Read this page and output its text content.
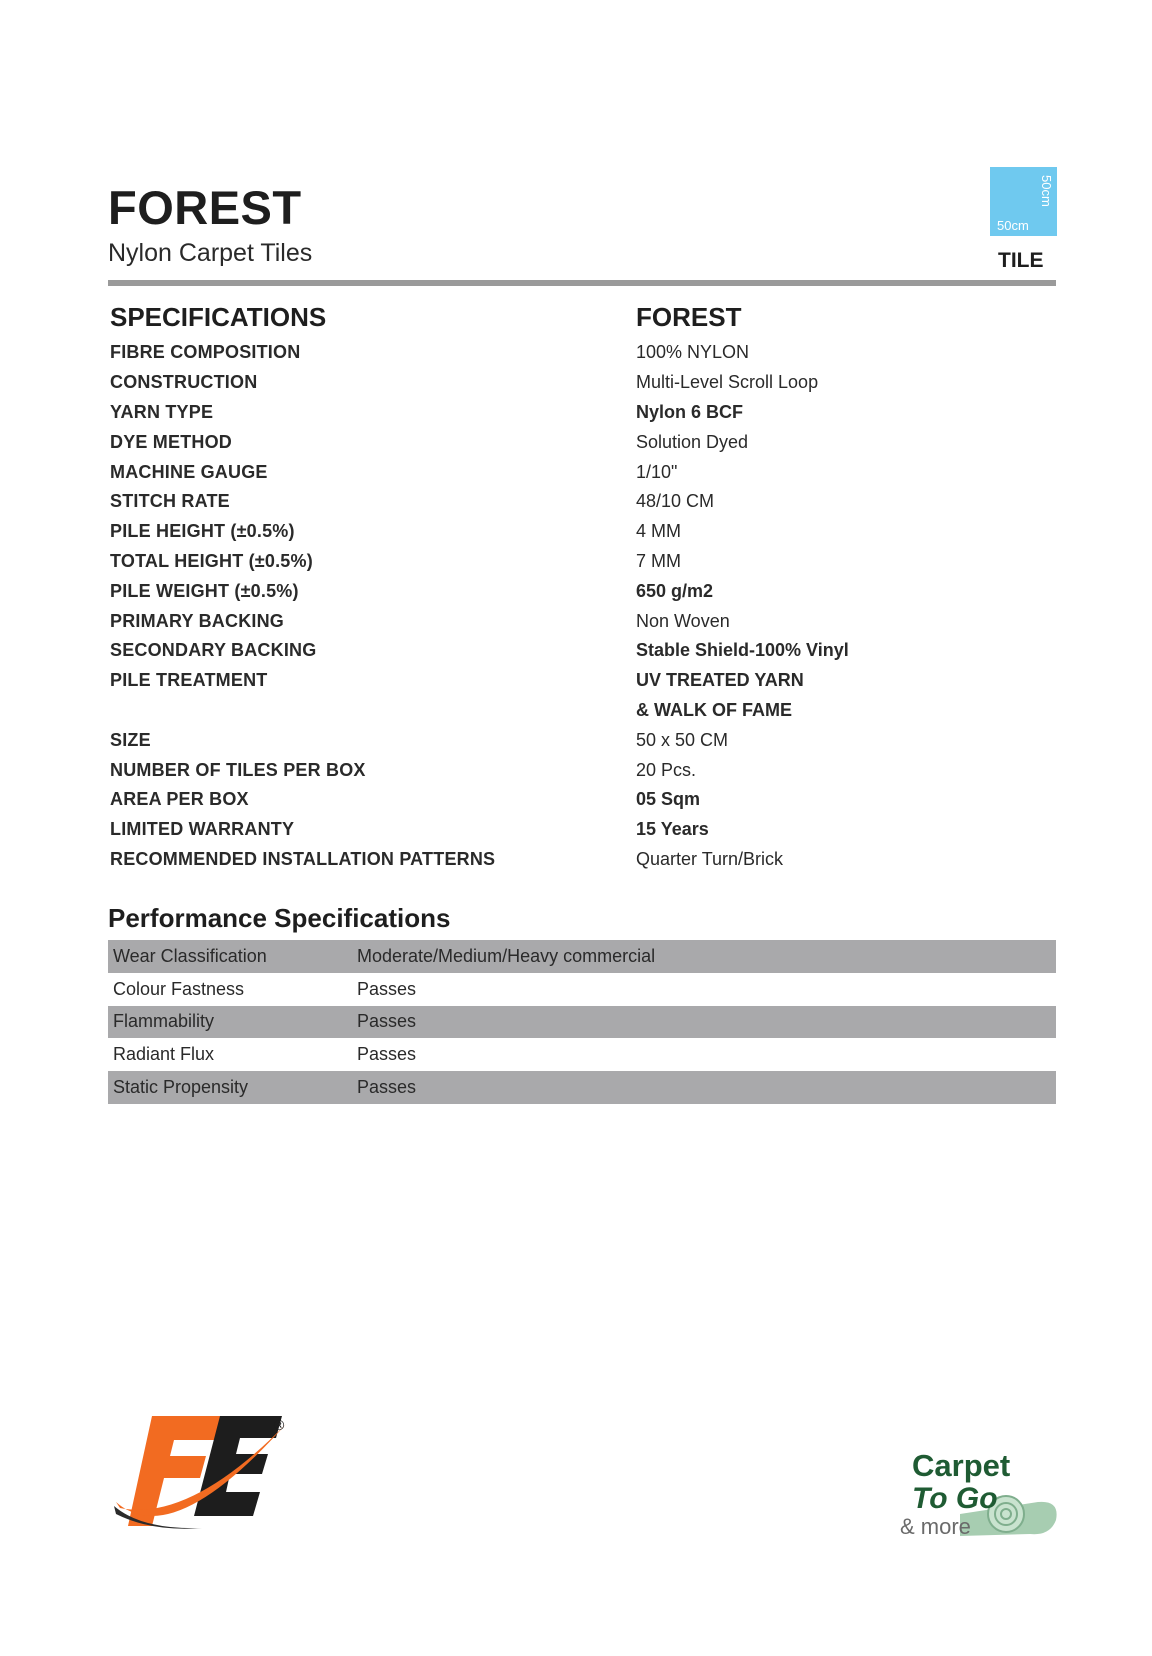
FOREST
Nylon Carpet Tiles
50cm
50cm
TILE
SPECIFICATIONS	FOREST
FIBRE COMPOSITION	100% NYLON
CONSTRUCTION	Multi-Level Scroll Loop
YARN TYPE	Nylon 6 BCF
DYE METHOD	Solution Dyed
MACHINE GAUGE	1/10"
STITCH RATE	48/10 CM
PILE HEIGHT (±0.5%)	4 MM
TOTAL HEIGHT (±0.5%)	7 MM
PILE WEIGHT (±0.5%)	650 g/m2
PRIMARY BACKING	Non Woven
SECONDARY BACKING	Stable Shield-100% Vinyl
PILE TREATMENT	UV TREATED YARN
& WALK OF FAME
SIZE	50 x 50 CM
NUMBER OF TILES PER BOX	20 Pcs.
AREA PER BOX	05 Sqm
LIMITED WARRANTY	15 Years
RECOMMENDED INSTALLATION PATTERNS	Quarter Turn/Brick
Performance Specifications
Wear Classification	Moderate/Medium/Heavy commercial
Colour Fastness	Passes
Flammability	Passes
Radiant Flux	Passes
Static Propensity	Passes
®
Carpet
To Go
& more
